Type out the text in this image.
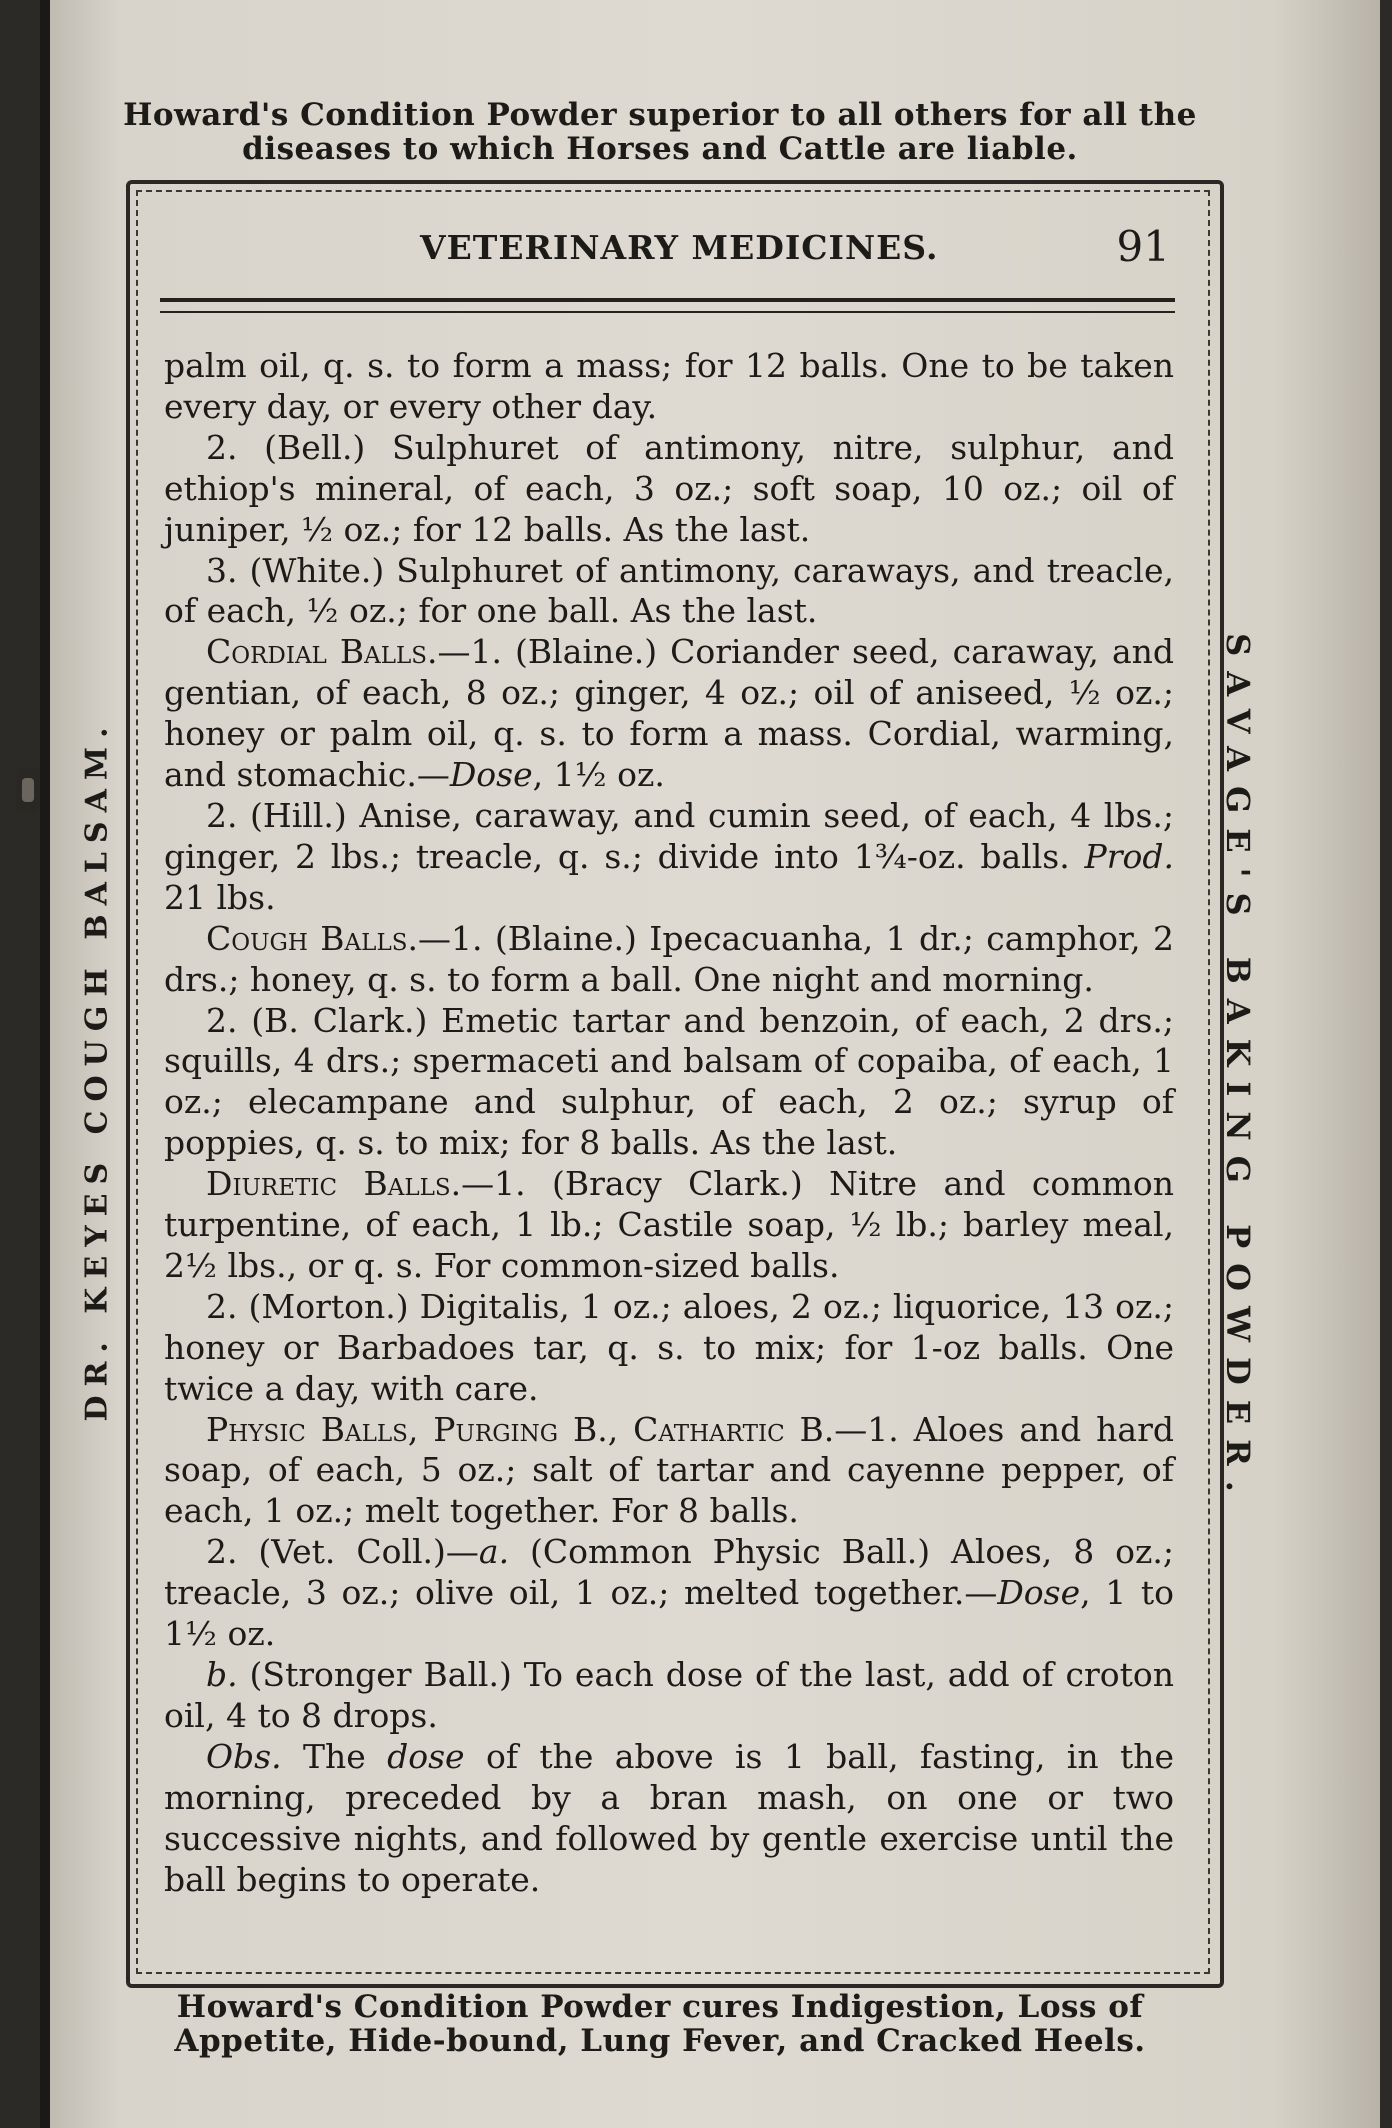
Howard's Condition Powder superior to all others for all the diseases to which Horses and Cattle are liable.
DR. KEYES COUGH BALSAM.	SAVAGE'S BAKING POWDER.
VETERINARY MEDICINES.	91

palm oil, q. s. to form a mass; for 12 balls. One to be taken every day, or every other day.

2. (Bell.) Sulphuret of antimony, nitre, sulphur, and ethiop's mineral, of each, 3 oz.; soft soap, 10 oz.; oil of juniper, ½ oz.; for 12 balls. As the last.

3. (White.) Sulphuret of antimony, caraways, and treacle, of each, ½ oz.; for one ball. As the last.

Cordial Balls.—1. (Blaine.) Coriander seed, caraway, and gentian, of each, 8 oz.; ginger, 4 oz.; oil of aniseed, ½ oz.; honey or palm oil, q. s. to form a mass. Cordial, warming, and stomachic.—Dose, 1½ oz.

2. (Hill.) Anise, caraway, and cumin seed, of each, 4 lbs.; ginger, 2 lbs.; treacle, q. s.; divide into 1¾-oz. balls. Prod. 21 lbs.

Cough Balls.—1. (Blaine.) Ipecacuanha, 1 dr.; camphor, 2 drs.; honey, q. s. to form a ball. One night and morning.

2. (B. Clark.) Emetic tartar and benzoin, of each, 2 drs.; squills, 4 drs.; spermaceti and balsam of copaiba, of each, 1 oz.; elecampane and sulphur, of each, 2 oz.; syrup of poppies, q. s. to mix; for 8 balls. As the last.

Diuretic Balls.—1. (Bracy Clark.) Nitre and common turpentine, of each, 1 lb.; Castile soap, ½ lb.; barley meal, 2½ lbs., or q. s. For common-sized balls.

2. (Morton.) Digitalis, 1 oz.; aloes, 2 oz.; liquorice, 13 oz.; honey or Barbadoes tar, q. s. to mix; for 1-oz balls. One twice a day, with care.

Physic Balls, Purging B., Cathartic B.—1. Aloes and hard soap, of each, 5 oz.; salt of tartar and cayenne pepper, of each, 1 oz.; melt together. For 8 balls.

2. (Vet. Coll.)—a. (Common Physic Ball.) Aloes, 8 oz.; treacle, 3 oz.; olive oil, 1 oz.; melted together.—Dose, 1 to 1½ oz.

b. (Stronger Ball.) To each dose of the last, add of croton oil, 4 to 8 drops.

Obs. The dose of the above is 1 ball, fasting, in the morning, preceded by a bran mash, on one or two successive nights, and followed by gentle exercise until the ball begins to operate.

Howard's Condition Powder cures Indigestion, Loss of Appetite, Hide-bound, Lung Fever, and Cracked Heels.
